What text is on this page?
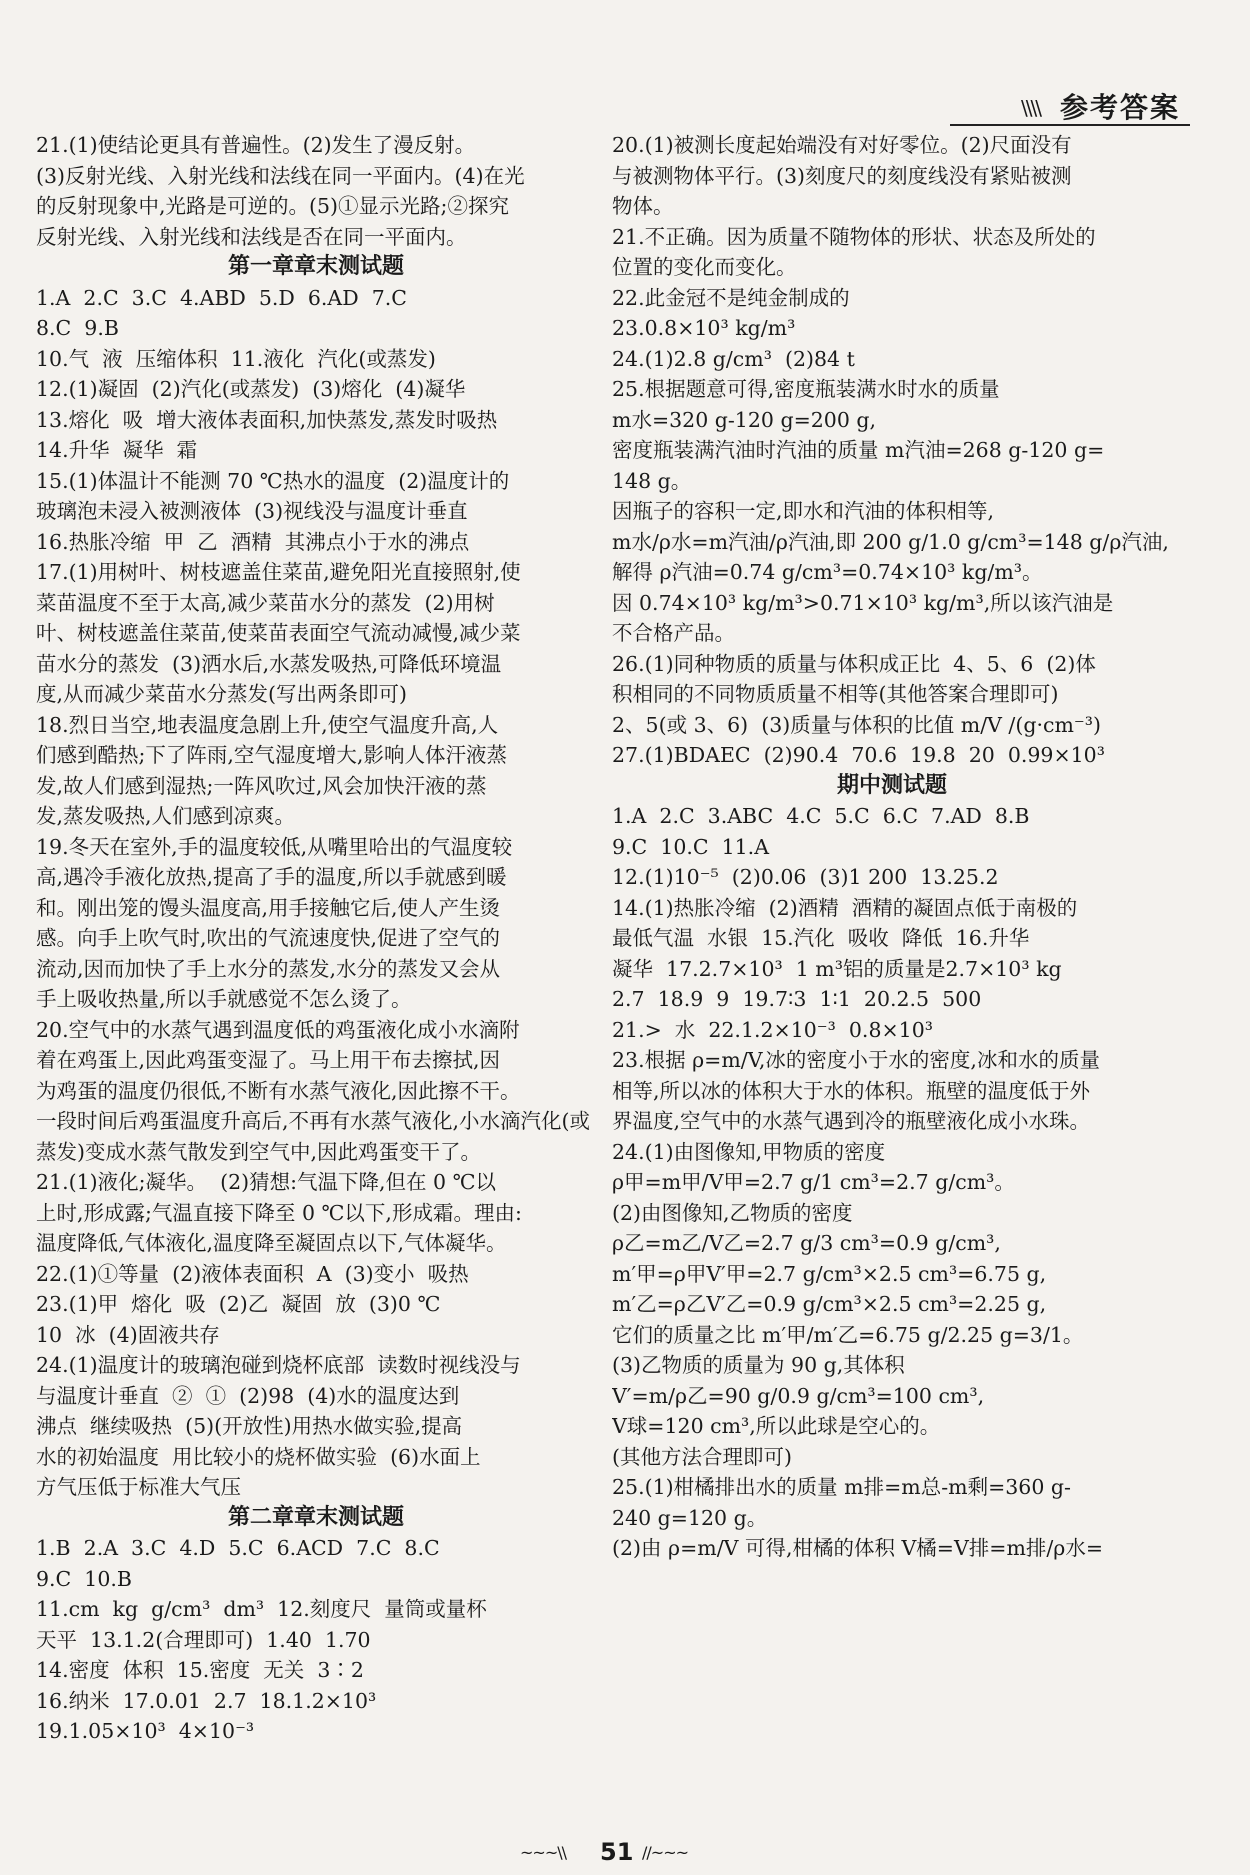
\\\\ 参考答案
21.(1)使结论更具有普遍性。(2)发生了漫反射。
(3)反射光线、入射光线和法线在同一平面内。(4)在光
的反射现象中,光路是可逆的。(5)①显示光路;②探究
反射光线、入射光线和法线是否在同一平面内。
第一章章末测试题
1.A  2.C  3.C  4.ABD  5.D  6.AD  7.C
8.C  9.B
10.气  液  压缩体积  11.液化  汽化(或蒸发)
12.(1)凝固  (2)汽化(或蒸发)  (3)熔化  (4)凝华
13.熔化  吸  增大液体表面积,加快蒸发,蒸发时吸热
14.升华  凝华  霜
15.(1)体温计不能测 70 ℃热水的温度  (2)温度计的
玻璃泡未浸入被测液体  (3)视线没与温度计垂直
16.热胀冷缩  甲  乙  酒精  其沸点小于水的沸点
17.(1)用树叶、树枝遮盖住菜苗,避免阳光直接照射,使
菜苗温度不至于太高,减少菜苗水分的蒸发  (2)用树
叶、树枝遮盖住菜苗,使菜苗表面空气流动减慢,减少菜
苗水分的蒸发  (3)洒水后,水蒸发吸热,可降低环境温
度,从而减少菜苗水分蒸发(写出两条即可)
18.烈日当空,地表温度急剧上升,使空气温度升高,人
们感到酷热;下了阵雨,空气湿度增大,影响人体汗液蒸
发,故人们感到湿热;一阵风吹过,风会加快汗液的蒸
发,蒸发吸热,人们感到凉爽。
19.冬天在室外,手的温度较低,从嘴里哈出的气温度较
高,遇冷手液化放热,提高了手的温度,所以手就感到暖
和。刚出笼的馒头温度高,用手接触它后,使人产生烫
感。向手上吹气时,吹出的气流速度快,促进了空气的
流动,因而加快了手上水分的蒸发,水分的蒸发又会从
手上吸收热量,所以手就感觉不怎么烫了。
20.空气中的水蒸气遇到温度低的鸡蛋液化成小水滴附
着在鸡蛋上,因此鸡蛋变湿了。马上用干布去擦拭,因
为鸡蛋的温度仍很低,不断有水蒸气液化,因此擦不干。
一段时间后鸡蛋温度升高后,不再有水蒸气液化,小水滴汽化(或
蒸发)变成水蒸气散发到空气中,因此鸡蛋变干了。
21.(1)液化;凝华。  (2)猜想:气温下降,但在 0 ℃以
上时,形成露;气温直接下降至 0 ℃以下,形成霜。理由:
温度降低,气体液化,温度降至凝固点以下,气体凝华。
22.(1)①等量  (2)液体表面积  A  (3)变小  吸热
23.(1)甲  熔化  吸  (2)乙  凝固  放  (3)0 ℃
10  冰  (4)固液共存
24.(1)温度计的玻璃泡碰到烧杯底部  读数时视线没与
与温度计垂直  ②  ①  (2)98  (4)水的温度达到
沸点  继续吸热  (5)(开放性)用热水做实验,提高
水的初始温度  用比较小的烧杯做实验  (6)水面上
方气压低于标准大气压
第二章章末测试题
1.B  2.A  3.C  4.D  5.C  6.ACD  7.C  8.C
9.C  10.B
11.cm  kg  g/cm³  dm³  12.刻度尺  量筒或量杯
天平  13.1.2(合理即可)  1.40  1.70
14.密度  体积  15.密度  无关  3∶2
16.纳米  17.0.01  2.7  18.1.2×10³
19.1.05×10³  4×10⁻³
20.(1)被测长度起始端没有对好零位。(2)尺面没有
与被测物体平行。(3)刻度尺的刻度线没有紧贴被测
物体。
21.不正确。因为质量不随物体的形状、状态及所处的
位置的变化而变化。
22.此金冠不是纯金制成的
23.0.8×10³ kg/m³
24.(1)2.8 g/cm³  (2)84 t
25.根据题意可得,密度瓶装满水时水的质量
m水=320 g-120 g=200 g,
密度瓶装满汽油时汽油的质量 m汽油=268 g-120 g=
148 g。
因瓶子的容积一定,即水和汽油的体积相等,
m水/ρ水=m汽油/ρ汽油,即 200 g/1.0 g/cm³=148 g/ρ汽油,
解得 ρ汽油=0.74 g/cm³=0.74×10³ kg/m³。
因 0.74×10³ kg/m³>0.71×10³ kg/m³,所以该汽油是
不合格产品。
26.(1)同种物质的质量与体积成正比  4、5、6  (2)体
积相同的不同物质质量不相等(其他答案合理即可)
2、5(或 3、6)  (3)质量与体积的比值 m/V /(g·cm⁻³)
27.(1)BDAEC  (2)90.4  70.6  19.8  20  0.99×10³
期中测试题
1.A  2.C  3.ABC  4.C  5.C  6.C  7.AD  8.B
9.C  10.C  11.A
12.(1)10⁻⁵  (2)0.06  (3)1 200  13.25.2
14.(1)热胀冷缩  (2)酒精  酒精的凝固点低于南极的
最低气温  水银  15.汽化  吸收  降低  16.升华
凝华  17.2.7×10³  1 m³铝的质量是2.7×10³ kg
2.7  18.9  9  19.7∶3  1∶1  20.2.5  500
21.>  水  22.1.2×10⁻³  0.8×10³
23.根据 ρ=m/V,冰的密度小于水的密度,冰和水的质量
相等,所以冰的体积大于水的体积。瓶壁的温度低于外
界温度,空气中的水蒸气遇到冷的瓶壁液化成小水珠。
24.(1)由图像知,甲物质的密度
ρ甲=m甲/V甲=2.7 g/1 cm³=2.7 g/cm³。
(2)由图像知,乙物质的密度
ρ乙=m乙/V乙=2.7 g/3 cm³=0.9 g/cm³,
m′甲=ρ甲V′甲=2.7 g/cm³×2.5 cm³=6.75 g,
m′乙=ρ乙V′乙=0.9 g/cm³×2.5 cm³=2.25 g,
它们的质量之比 m′甲/m′乙=6.75 g/2.25 g=3/1。
(3)乙物质的质量为 90 g,其体积
V′=m/ρ乙=90 g/0.9 g/cm³=100 cm³,
V球=120 cm³,所以此球是空心的。
(其他方法合理即可)
25.(1)柑橘排出水的质量 m排=m总-m剩=360 g-
240 g=120 g。
(2)由 ρ=m/V 可得,柑橘的体积 V橘=V排=m排/ρ水=
~~~\\ 51 //~~~
